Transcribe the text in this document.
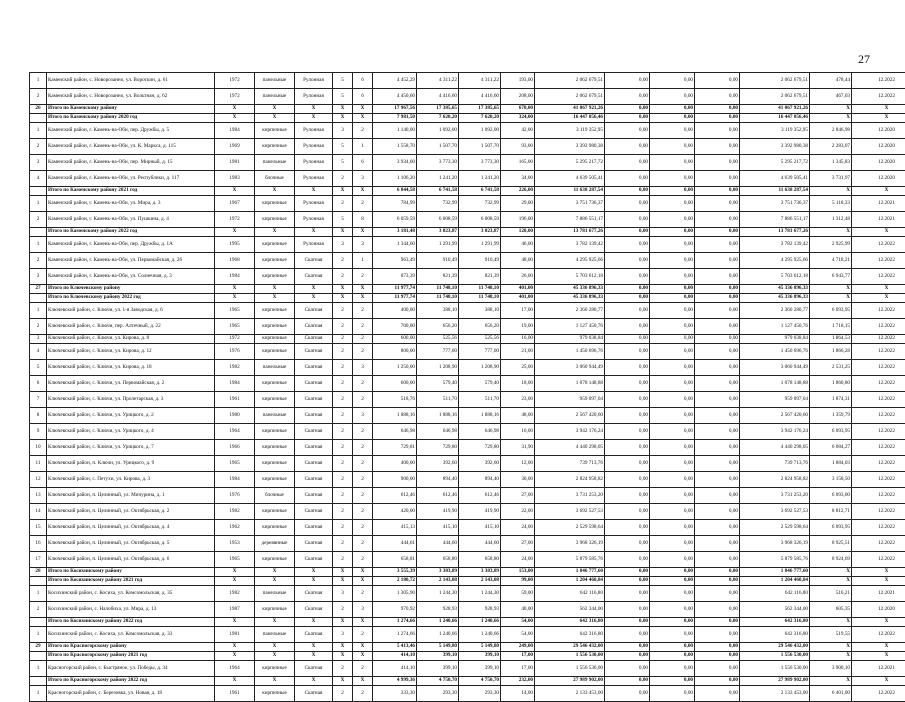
27
1	Каменский район, с. Новорозанно, ул. Вороткин, д. 61	1972	панельные	Рулонная	5	6	4 452,29	4 311,22	4 311,22	193,00	2 062 679,51	0,00	0,00	0,00	2 062 679,51	478,44	12.2022
2	Каменский район, с. Новорозанно, ул. Вольтнан, д. 62	1972	панельные	Рулонная	5	6	4 450,60	4 416,60	4 416,60	208,00	2 062 679,51	0,00	0,00	0,00	2 062 679,51	467,03	12.2022
26	Итого по Каменскому району	X	X	X	X	X	17 967,56	17 385,65	17 385,65	670,00	41 067 921,26	0,00	0,00	0,00	41 067 921,26	X	X
	Итого по Каменскому району 2020 год	X	X	X	X	X	7 981,50	7 620,20	7 620,20	324,00	16 447 056,46	0,00	0,00	0,00	16 447 056,46	X	X
1	Каменский район, г. Камень-на-Оби, пер. Дружбы, д. 5	1984	кирпичные	Рулонная	3	2	1 140,00	1 092,00	1 092,00	42,00	3 119 352,95	0,00	0,00	0,00	3 119 352,95	2 846,98	12.2020
2	Каменский район, г. Камень-на-Оби, ул. К. Маркса, д. 115	1969	кирпичные	Рулонная	5	1	1 558,70	1 507,70	1 507,70	93,00	3 392 980,38	0,00	0,00	0,00	3 392 980,38	2 283,07	12.2020
3	Каменский район, г. Камень-на-Оби, пер. Мирный, д. 15	1981	панельные	Рулонная	5	6	3 934,60	3 773,30	3 773,30	165,00	5 295 217,72	0,00	0,00	0,00	5 295 217,72	1 345,83	12.2020
4	Каменский район, г. Камень-на-Оби, ул. Республики, д. 117	1983	блочные	Рулонная	2	3	1 106,20	1 241,20	1 241,20	34,00	4 639 505,41	0,00	0,00	0,00	4 639 505,41	3 731,97	12.2020
	Итого по Каменскому району 2021 год	X	X	X	X	X	6 844,58	6 741,58	6 741,58	226,00	11 638 287,54	0,00	0,00	0,00	11 638 287,54	X	X
1	Каменский район, г. Камень-на-Оби, ул. Мира, д. 3	1967	кирпичные	Рулонная	2	2	784,99	732,99	732,99	29,00	3 751 736,37	0,00	0,00	0,00	3 751 736,37	5 118,33	12.2021
2	Каменский район, г. Камень-на-Оби, ул. Пушкина, д. 4	1972	кирпичные	Рулонная	5	8	6 059,59	6 008,59	6 008,59	196,00	7 886 551,17	0,00	0,00	0,00	7 886 551,17	1 312,48	12.2021
	Итого по Каменскому району 2022 год	X	X	X	X	X	3 181,48	3 023,87	3 023,87	120,00	13 781 677,26	0,00	0,00	0,00	13 781 677,26	X	X
1	Каменский район, г. Камень-на-Оби, пер. Дружбы, д. 1А	1995	кирпичные	Рулонная	3	3	1 344,60	1 291,99	1 291,99	46,00	3 782 139,42	0,00	0,00	0,00	3 782 139,42	2 925,99	12.2022
2	Каменский район, г. Камень-на-Оби, ул. Первомайская, д. 26	1968	кирпичные	Скатная	2	1	963,49	910,49	910,49	48,00	4 295 925,66	0,00	0,00	0,00	4 295 925,66	4 718,21	12.2022
3	Каменский район, г. Камень-на-Оби, ул. Солнечная, д. 3	1984	кирпичные	Скатная	2	2	873,39	821,39	821,39	26,00	5 703 612,18	0,00	0,00	0,00	5 703 612,18	6 943,77	12.2022
27	Итого по Ключевскому району	X	X	X	X	X	11 977,74	11 748,10	11 748,10	401,00	45 336 896,33	0,00	0,00	0,00	45 336 896,33	X	X
	Итого по Ключевскому району 2022 год	X	X	X	X	X	11 977,74	11 748,10	11 748,10	401,00	45 336 896,33	0,00	0,00	0,00	45 336 896,33	X	X
1	Ключевский район, с. Ключи, ул. 1-я Заводская, д. 6	1965	кирпичные	Скатная	2	2	400,00	388,10	388,10	17,00	2 360 280,77	0,00	0,00	0,00	2 360 280,77	6 093,95	12.2022
2	Ключевский район, с. Ключи, пер. Алтечный, д. 22	1965	кирпичные	Скатная	2	2	700,00	656,20	656,20	19,00	1 127 450,76	0,00	0,00	0,00	1 127 450,76	1 718,15	12.2022
3	Ключевский район, с. Ключи, ул. Кирова, д. 8	1972	кирпичные	Скатная	2	2	600,00	525,56	525,56	16,00	979 038,84	0,00	0,00	0,00	979 038,84	1 864,53	12.2022
4	Ключевский район, с. Ключи, ул. Кирова, д. 12	1976	кирпичные	Скатная	2	2	800,00	777,00	777,00	21,00	1 450 696,76	0,00	0,00	0,00	1 450 696,76	1 866,28	12.2022
5	Ключевский район, с. Ключи, ул. Кирова, д. 18	1982	панельные	Скатная	2	3	1 250,00	1 208,90	1 208,90	25,00	3 060 944,49	0,00	0,00	0,00	3 060 944,49	2 531,25	12.2022
6	Ключевский район, с. Ключи, ул. Первомайская, д. 2	1984	кирпичные	Скатная	2	2	600,00	579,40	579,40	18,00	1 078 148,88	0,00	0,00	0,00	1 078 148,88	1 860,80	12.2022
7	Ключевский район, с. Ключи, ул. Пролетарская, д. 3	1961	кирпичные	Скатная	2	2	518,76	511,70	511,70	23,00	959 097,04	0,00	0,00	0,00	959 097,04	1 874,31	12.2022
8	Ключевский район, с. Ключи, ул. Урицкого, д. 2	1980	панельные	Скатная	2	3	1 888,16	1 888,16	1 888,16	48,00	2 567 420,60	0,00	0,00	0,00	2 567 420,60	1 359,79	12.2022
9	Ключевский район, с. Ключи, ул. Урицкого, д. 4	1964	кирпичные	Скатная	2	2	646,98	646,98	646,98	16,00	3 942 176,24	0,00	0,00	0,00	3 942 176,24	6 093,95	12.2022
10	Ключевский район, с. Ключи, ул. Урицкого, д. 7	1966	кирпичные	Скатная	2	2	729,81	729,80	729,80	31,90	4 440 298,05	0,00	0,00	0,00	4 440 298,05	6 084,27	12.2022
11	Ключевский район, п. Ключи, ул. Урицкого, д. 9	1965	кирпичные	Скатная	2	2	400,00	392,60	392,60	12,00	739 713,76	0,00	0,00	0,00	739 713,76	1 884,03	12.2022
12	Ключевский район, с. Петухи, ул. Кирова, д. 3	1984	кирпичные	Скатная	2	2	900,00	894,40	894,40	30,00	2 824 958,82	0,00	0,00	0,00	2 824 958,82	3 158,50	12.2022
13	Ключевский район, п. Целинный, ул. Мичурина, д. 1	1976	блочные	Скатная	2	2	612,46	612,46	612,46	27,00	3 731 253,20	0,00	0,00	0,00	3 731 253,20	6 093,00	12.2022
14	Ключевский район, п. Целинный, ул. Октябрьская, д. 2	1982	кирпичные	Скатная	2	2	420,00	419,90	419,90	22,00	3 692 527,53	0,00	0,00	0,00	3 692 527,53	8 812,71	12.2022
15	Ключевский район, п. Целинный, ул. Октябрьская, д. 4	1962	кирпичные	Скатная	2	2	415,13	415,10	415,10	24,00	2 529 598,64	0,00	0,00	0,00	2 529 598,64	6 093,95	12.2022
16	Ключевский район, п. Целинный, ул. Октябрьская, д. 5	1953	деревянные	Скатная	2	2	444,61	444,60	444,60	27,00	3 968 326,19	0,00	0,00	0,00	3 968 326,19	8 925,51	12.2022
17	Ключевский район, п. Целинный, ул. Октябрьская, д. 6	1965	кирпичные	Скатная	2	2	658,81	658,80	658,80	24,00	5 879 585,76	0,00	0,00	0,00	5 879 585,76	8 924,69	12.2022
28	Итого по Косихинскому району	X	X	X	X	X	3 555,39	3 383,89	3 383,89	153,00	1 846 777,60	0,00	0,00	0,00	1 846 777,60	X	X
	Итого по Косихинскому району 2021 год	X	X	X	X	X	2 180,72	2 143,08	2 143,08	99,00	1 204 460,84	0,00	0,00	0,00	1 204 460,84	X	X
1	Косихинский район, с. Косиха, ул. Комсомольская, д. 35	1982	панельные	Скатная	3	2	1 305,90	1 244,30	1 244,30	59,00	642 116,80	0,00	0,00	0,00	642 116,80	516,21	12.2021
2	Косихинский район, с. Налобиха, ул. Мира, д. 13	1987	кирпичные	Скатная	2	3	970,92	928,93	928,93	40,00	562 344,00	0,00	0,00	0,00	562 344,00	605,35	12.2020
	Итого по Косихинскому району 2022 год	X	X	X	X	X	1 274,66	1 240,66	1 240,66	54,00	642 316,80	0,00	0,00	0,00	642 316,80	X	X
1	Косихинский район, с. Косиха, ул. Комсомольская, д. 33	1981	панельные	Скатная	3	2	1 274,66	1 240,66	1 240,66	54,00	642 316,80	0,00	0,00	0,00	642 316,80	519,55	12.2022
29	Итого по Красногорскому району	X	X	X	X	X	5 413,46	5 149,80	5 149,80	249,00	29 546 432,00	0,00	0,00	0,00	29 546 432,00	X	X
	Итого по Красногорскому району 2021 год	X	X	X	X	X	414,10	399,10	399,10	17,00	1 556 530,00	0,00	0,00	0,00	1 556 530,00	X	X
1	Красногорский район, с. Быстряное, ул. Победы, д. 34	1964	кирпичные	Скатная	2	2	414,10	399,10	399,10	17,00	1 556 530,00	0,00	0,00	0,00	1 556 530,00	3 900,10	12.2021
	Итого по Красногорскому району 2022 год	X	X	X	X	X	4 999,36	4 750,70	4 750,70	232,00	27 989 902,00	0,00	0,00	0,00	27 989 902,00	X	X
1	Красногорский район, с. Березовка, ул. Новая, д. 18	1961	кирпичные	Скатная	2	2	333,30	293,30	293,30	14,00	2 133 453,00	0,00	0,00	0,00	2 133 453,00	6 401,00	12.2022
